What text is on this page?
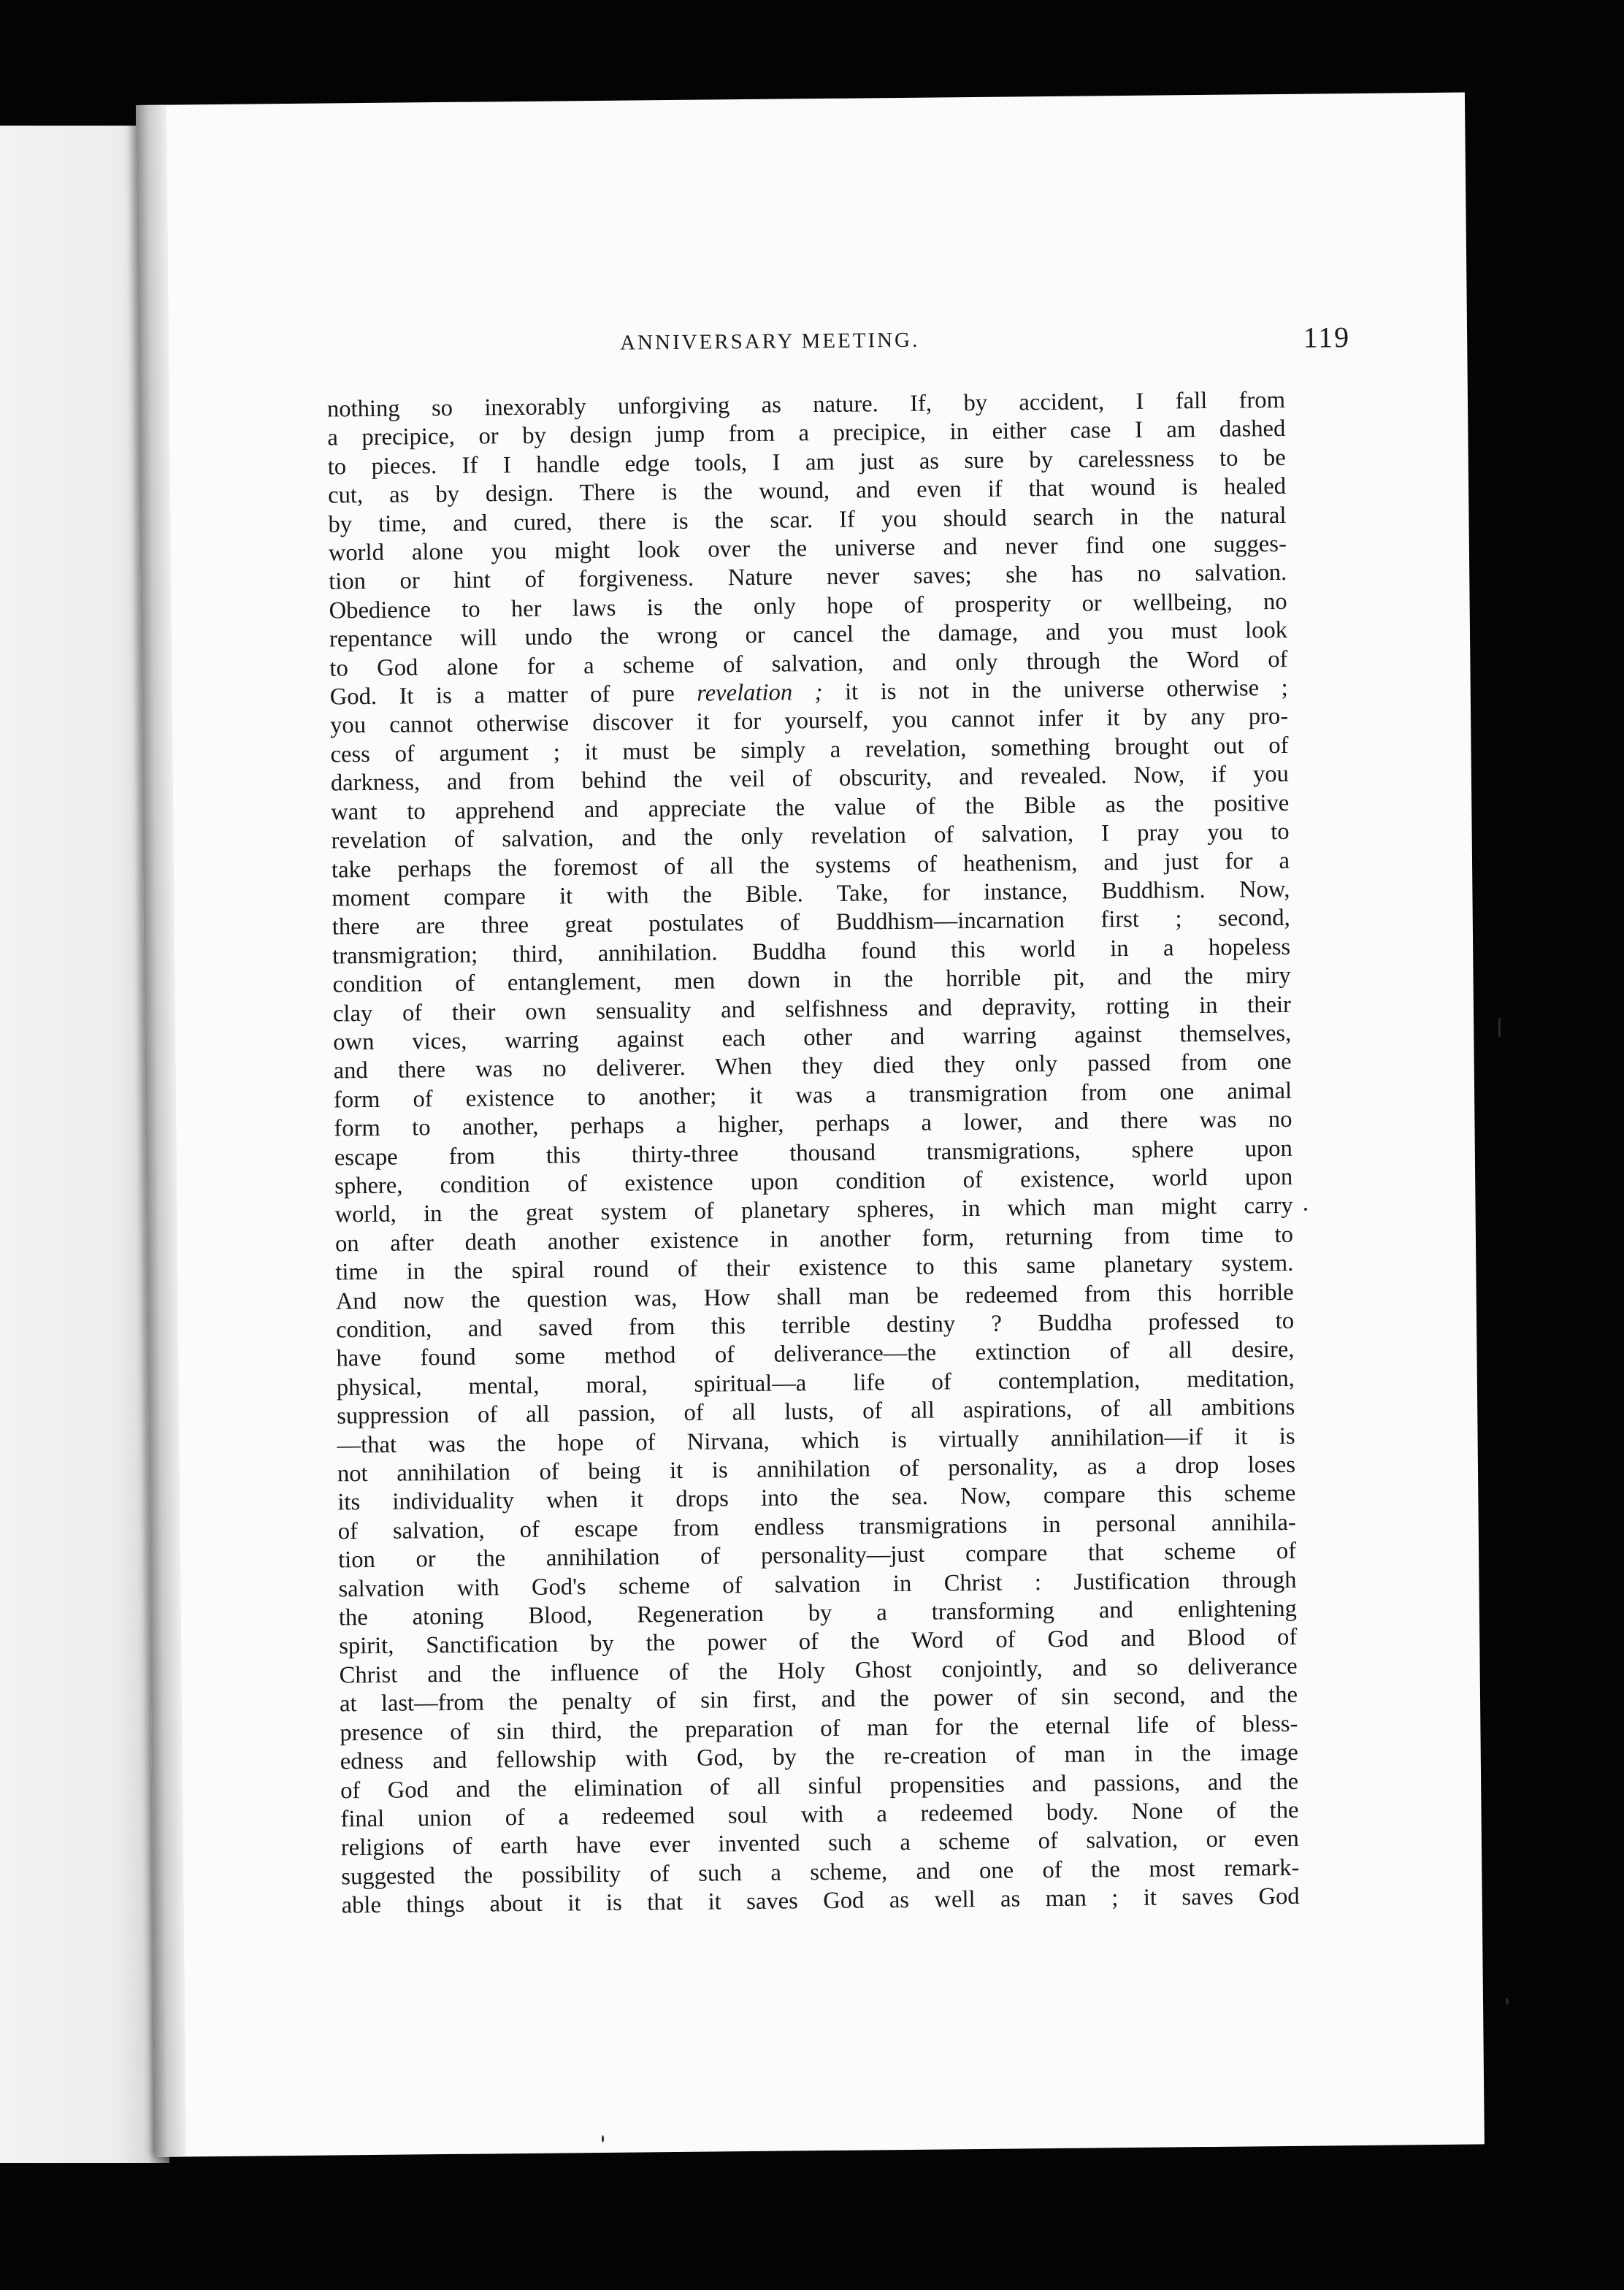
ANNIVERSARY MEETING.	119
nothing so inexorably unforgiving as nature. If, by accident, I fall from
a precipice, or by design jump from a precipice, in either case I am dashed
to pieces. If I handle edge tools, I am just as sure by carelessness to be
cut, as by design. There is the wound, and even if that wound is healed
by time, and cured, there is the scar. If you should search in the natural
world alone you might look over the universe and never find one sugges-
tion or hint of forgiveness. Nature never saves; she has no salvation.
Obedience to her laws is the only hope of prosperity or wellbeing, no
repentance will undo the wrong or cancel the damage, and you must look
to God alone for a scheme of salvation, and only through the Word of
God. It is a matter of pure revelation ; it is not in the universe otherwise ;
you cannot otherwise discover it for yourself, you cannot infer it by any pro-
cess of argument ; it must be simply a revelation, something brought out of
darkness, and from behind the veil of obscurity, and revealed. Now, if you
want to apprehend and appreciate the value of the Bible as the positive
revelation of salvation, and the only revelation of salvation, I pray you to
take perhaps the foremost of all the systems of heathenism, and just for a
moment compare it with the Bible. Take, for instance, Buddhism. Now,
there are three great postulates of Buddhism—incarnation first ; second,
transmigration; third, annihilation. Buddha found this world in a hopeless
condition of entanglement, men down in the horrible pit, and the miry
clay of their own sensuality and selfishness and depravity, rotting in their
own vices, warring against each other and warring against themselves,
and there was no deliverer. When they died they only passed from one
form of existence to another; it was a transmigration from one animal
form to another, perhaps a higher, perhaps a lower, and there was no
escape from this thirty-three thousand transmigrations, sphere upon
sphere, condition of existence upon condition of existence, world upon
world, in the great system of planetary spheres, in which man might carry
on after death another existence in another form, returning from time to
time in the spiral round of their existence to this same planetary system.
And now the question was, How shall man be redeemed from this horrible
condition, and saved from this terrible destiny ? Buddha professed to
have found some method of deliverance—the extinction of all desire,
physical, mental, moral, spiritual—a life of contemplation, meditation,
suppression of all passion, of all lusts, of all aspirations, of all ambitions
—that was the hope of Nirvana, which is virtually annihilation—if it is
not annihilation of being it is annihilation of personality, as a drop loses
its individuality when it drops into the sea. Now, compare this scheme
of salvation, of escape from endless transmigrations in personal annihila-
tion or the annihilation of personality—just compare that scheme of
salvation with God's scheme of salvation in Christ : Justification through
the atoning Blood, Regeneration by a transforming and enlightening
spirit, Sanctification by the power of the Word of God and Blood of
Christ and the influence of the Holy Ghost conjointly, and so deliverance
at last—from the penalty of sin first, and the power of sin second, and the
presence of sin third, the preparation of man for the eternal life of bless-
edness and fellowship with God, by the re-creation of man in the image
of God and the elimination of all sinful propensities and passions, and the
final union of a redeemed soul with a redeemed body. None of the
religions of earth have ever invented such a scheme of salvation, or even
suggested the possibility of such a scheme, and one of the most remark-
able things about it is that it saves God as well as man ; it saves God
